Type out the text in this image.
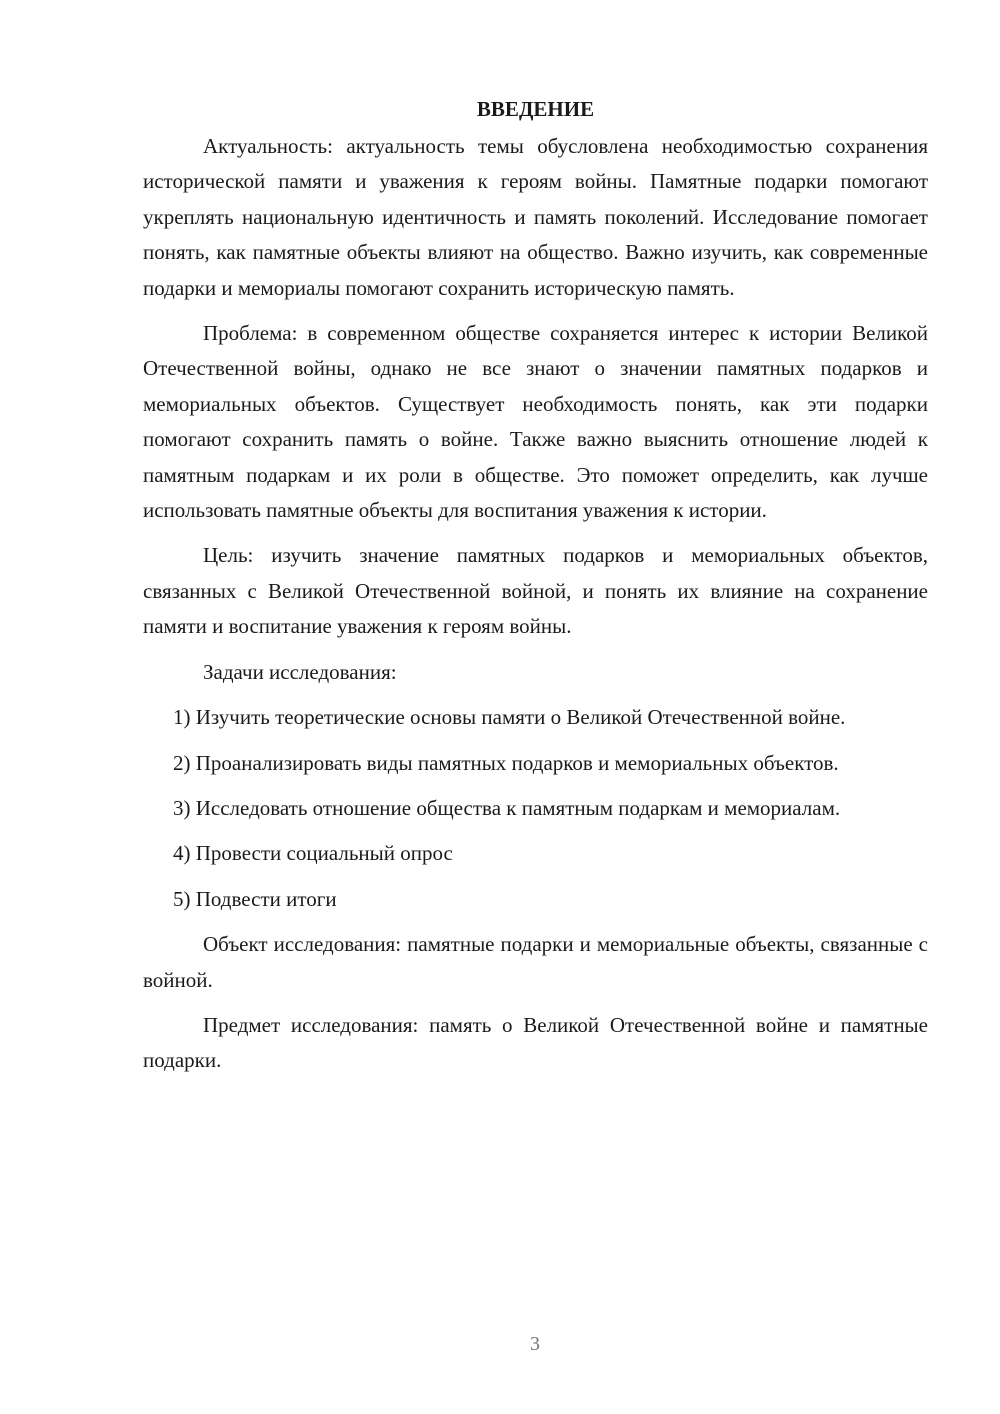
ВВЕДЕНИЕ

Актуальность: актуальность темы обусловлена необходимостью сохранения исторической памяти и уважения к героям войны. Памятные подарки помогают укреплять национальную идентичность и память поколений. Исследование помогает понять, как памятные объекты влияют на общество. Важно изучить, как современные подарки и мемориалы помогают сохранить историческую память.

Проблема: в современном обществе сохраняется интерес к истории Великой Отечественной войны, однако не все знают о значении памятных подарков и мемориальных объектов. Существует необходимость понять, как эти подарки помогают сохранить память о войне. Также важно выяснить отношение людей к памятным подаркам и их роли в обществе. Это поможет определить, как лучше использовать памятные объекты для воспитания уважения к истории.

Цель: изучить значение памятных подарков и мемориальных объектов, связанных с Великой Отечественной войной, и понять их влияние на сохранение памяти и воспитание уважения к героям войны.

Задачи исследования:

1) Изучить теоретические основы памяти о Великой Отечественной войне.

2) Проанализировать виды памятных подарков и мемориальных объектов.

3) Исследовать отношение общества к памятным подаркам и мемориалам.

4) Провести социальный опрос

5) Подвести итоги

Объект исследования: памятные подарки и мемориальные объекты, связанные с войной.

Предмет исследования: память о Великой Отечественной войне и памятные подарки.

3
